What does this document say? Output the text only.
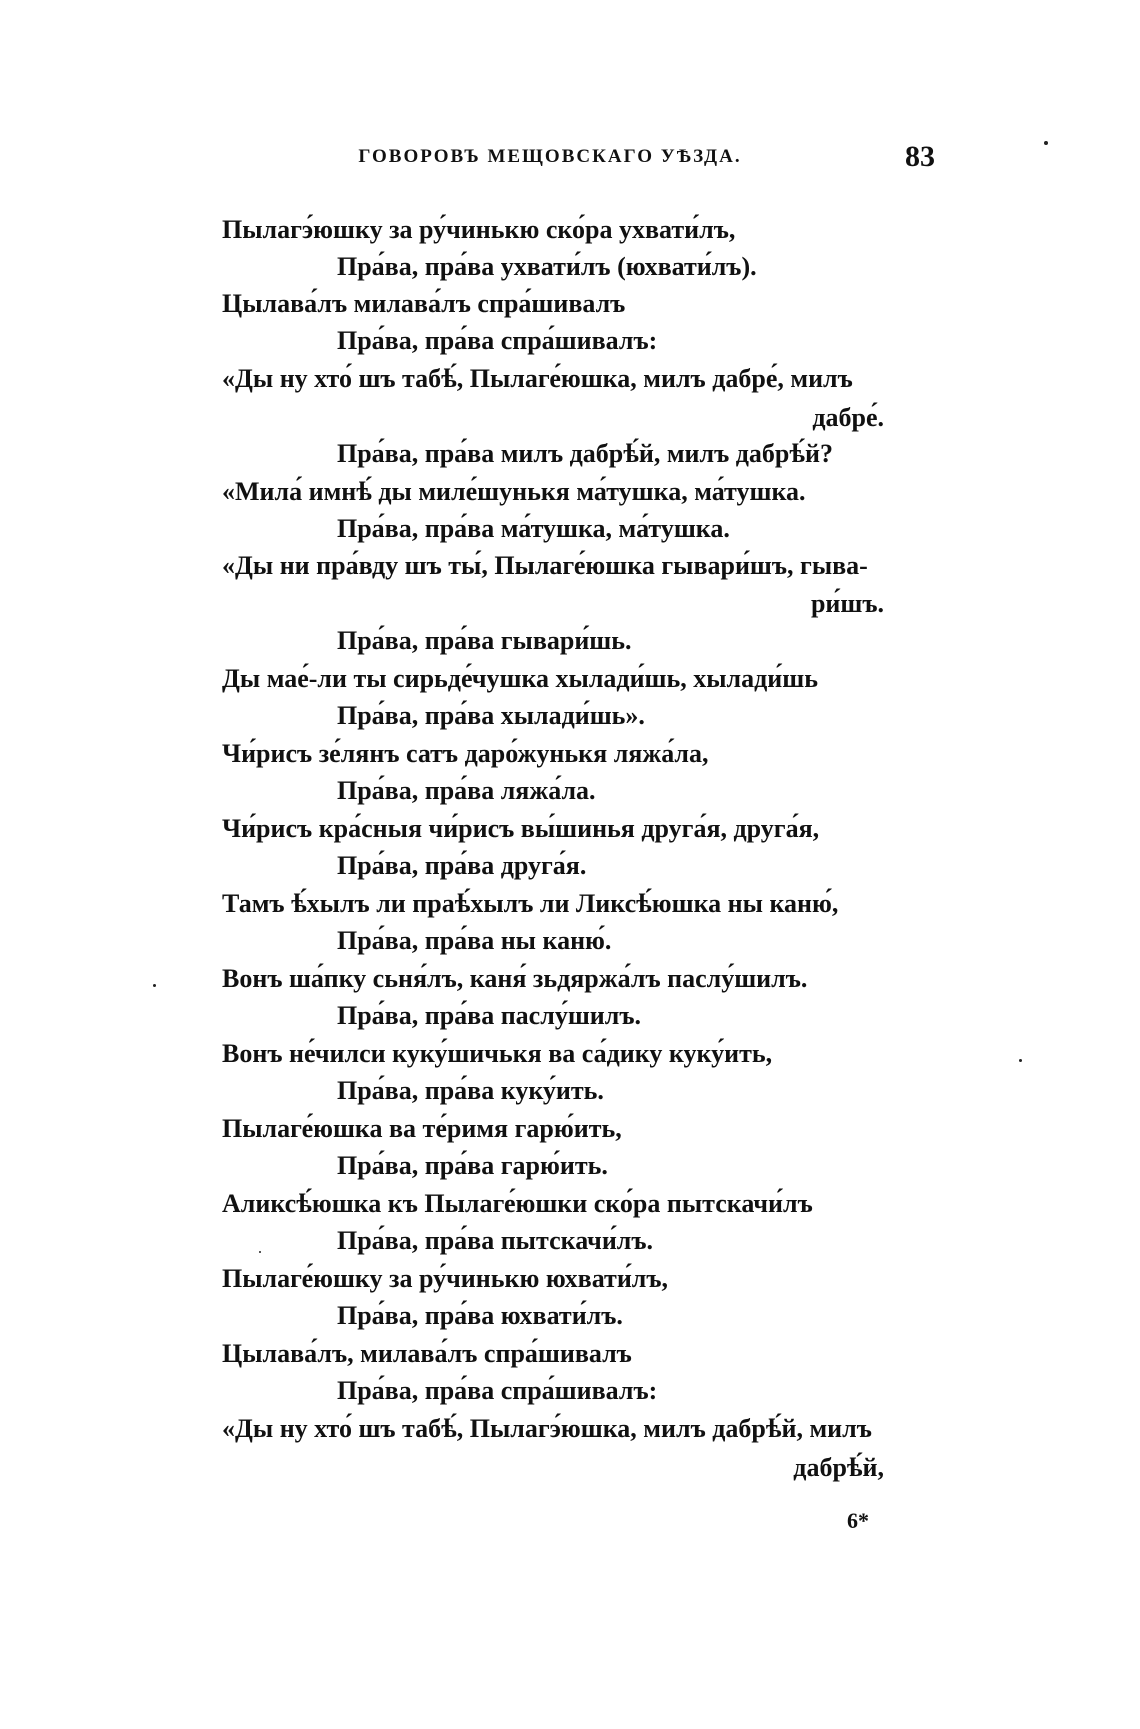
ГОВОРОВЪ МЕЩОВСКАГО УѢЗДА.	83
Пылагэ́юшку за ру́чинькю ско́ра ухвати́лъ,
Пра́ва, пра́ва ухвати́лъ (юхвати́лъ).
Цылава́лъ милава́лъ спра́шивалъ
Пра́ва, пра́ва спра́шивалъ:
«Ды ну хто́ шъ табѣ́, Пылаге́юшка, милъ дабре́, милъ
дабре́.
Пра́ва, пра́ва милъ дабрѣ́й, милъ дабрѣ́й?
«Мила́ имнѣ́ ды миле́шунькя ма́тушка, ма́тушка.
Пра́ва, пра́ва ма́тушка, ма́тушка.
«Ды ни пра́вду шъ ты́, Пылаге́юшка гывари́шъ, гыва-
ри́шъ.
Пра́ва, пра́ва гывари́шь.
Ды мае́-ли ты сирьде́чушка хылади́шь, хылади́шь
Пра́ва, пра́ва хылади́шь».
Чи́рисъ зе́лянъ сатъ даро́жунькя ляжа́ла,
Пра́ва, пра́ва ляжа́ла.
Чи́рисъ кра́сныя чи́рисъ вы́шинья друга́я, друга́я,
Пра́ва, пра́ва друга́я.
Тамъ ѣ́хылъ ли праѣ́хылъ ли Ликсѣ́юшка ны каню́,
Пра́ва, пра́ва ны каню́.
Вонъ ша́пку сьня́лъ, каня́ зьдяржа́лъ паслу́шилъ.
Пра́ва, пра́ва паслу́шилъ.
Вонъ не́чилси куку́шичькя ва са́дику куку́ить,
Пра́ва, пра́ва куку́ить.
Пылаге́юшка ва те́римя гарю́ить,
Пра́ва, пра́ва гарю́ить.
Аликсѣ́юшка къ Пылаге́юшки ско́ра пытскачи́лъ
Пра́ва, пра́ва пытскачи́лъ.
Пылаге́юшку за ру́чинькю юхвати́лъ,
Пра́ва, пра́ва юхвати́лъ.
Цылава́лъ, милава́лъ спра́шивалъ
Пра́ва, пра́ва спра́шивалъ:
«Ды ну хто́ шъ табѣ́, Пылагэ́юшка, милъ дабрѣ́й, милъ
дабрѣ́й,
6*
